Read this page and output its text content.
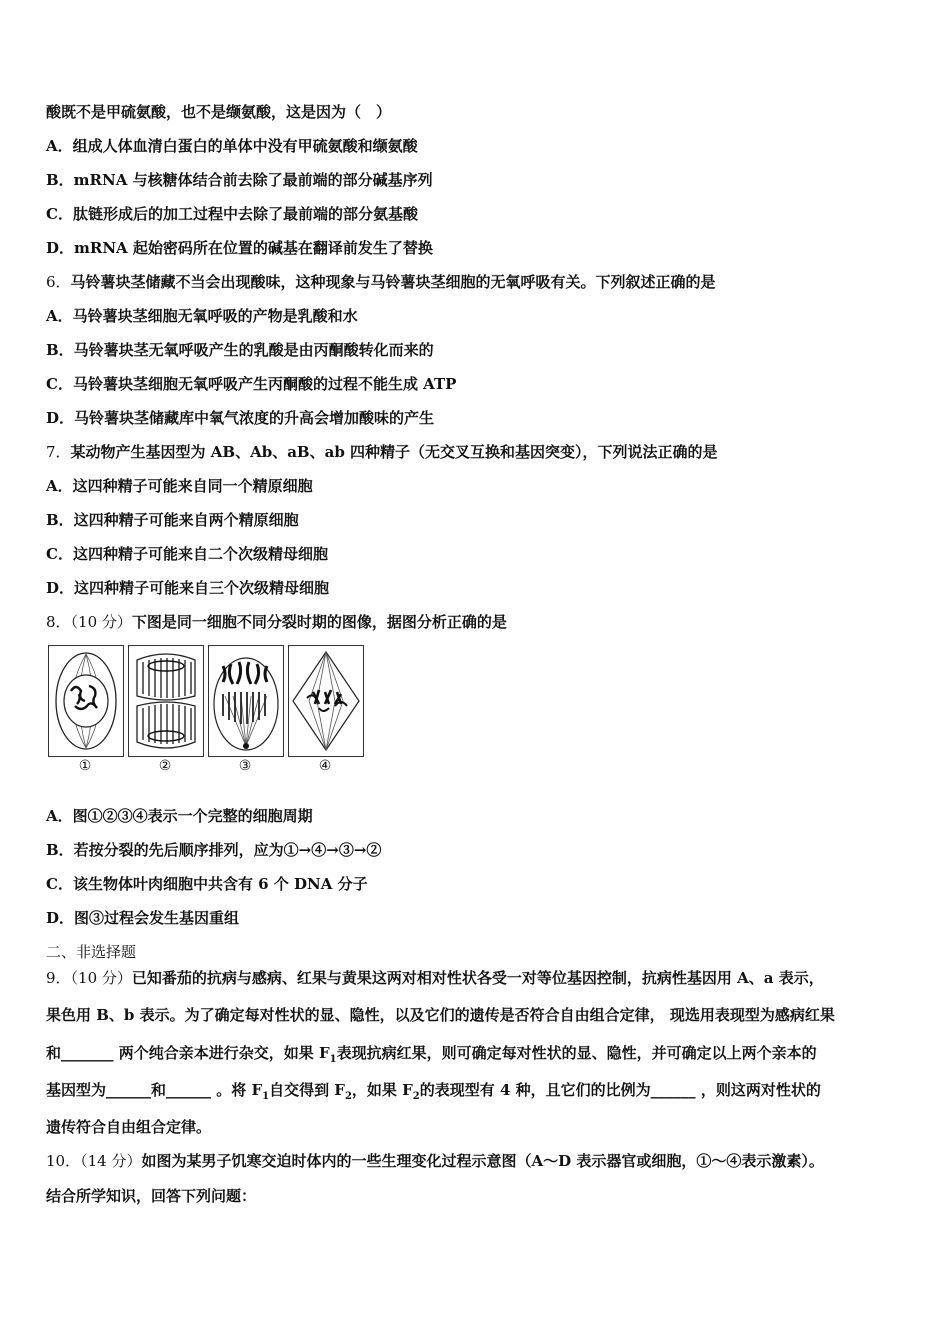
酸既不是甲硫氨酸，也不是缬氨酸，这是因为（　）
A．组成人体血清白蛋白的单体中没有甲硫氨酸和缬氨酸
B．mRNA 与核糖体结合前去除了最前端的部分碱基序列
C．肽链形成后的加工过程中去除了最前端的部分氨基酸
D．mRNA 起始密码所在位置的碱基在翻译前发生了替换
6．马铃薯块茎储藏不当会出现酸味，这种现象与马铃薯块茎细胞的无氧呼吸有关。下列叙述正确的是
A．马铃薯块茎细胞无氧呼吸的产物是乳酸和水
B．马铃薯块茎无氧呼吸产生的乳酸是由丙酮酸转化而来的
C．马铃薯块茎细胞无氧呼吸产生丙酮酸的过程不能生成 ATP
D．马铃薯块茎储藏库中氧气浓度的升高会增加酸味的产生
7．某动物产生基因型为 AB、Ab、aB、ab 四种精子（无交叉互换和基因突变），下列说法正确的是
A．这四种精子可能来自同一个精原细胞
B．这四种精子可能来自两个精原细胞
C．这四种精子可能来自二个次级精母细胞
D．这四种精子可能来自三个次级精母细胞
8．（10 分）下图是同一细胞不同分裂时期的图像，据图分析正确的是
①	②	③	④
A．图①②③④表示一个完整的细胞周期
B．若按分裂的先后顺序排列，应为①→④→③→②
C．该生物体叶肉细胞中共含有 6 个 DNA 分子
D．图③过程会发生基因重组
二、非选择题
9．（10 分）已知番茄的抗病与感病、红果与黄果这两对相对性状各受一对等位基因控制，抗病性基因用 A、a 表示，
果色用 B、b 表示。为了确定每对性状的显、隐性，以及它们的遗传是否符合自由组合定律， 现选用表现型为感病红果
和_______ 两个纯合亲本进行杂交，如果 $F_1$表现抗病红果，则可确定每对性状的显、隐性，并可确定以上两个亲本的
基因型为______和______ 。将 $F_1$自交得到 $F_2$，如果 $F_2$的表现型有 4 种，且它们的比例为______ ，则这两对性状的
遗传符合自由组合定律。
10．（14 分）如图为某男子饥寒交迫时体内的一些生理变化过程示意图（A～D 表示器官或细胞，①～④表示激素）。
结合所学知识，回答下列问题：
